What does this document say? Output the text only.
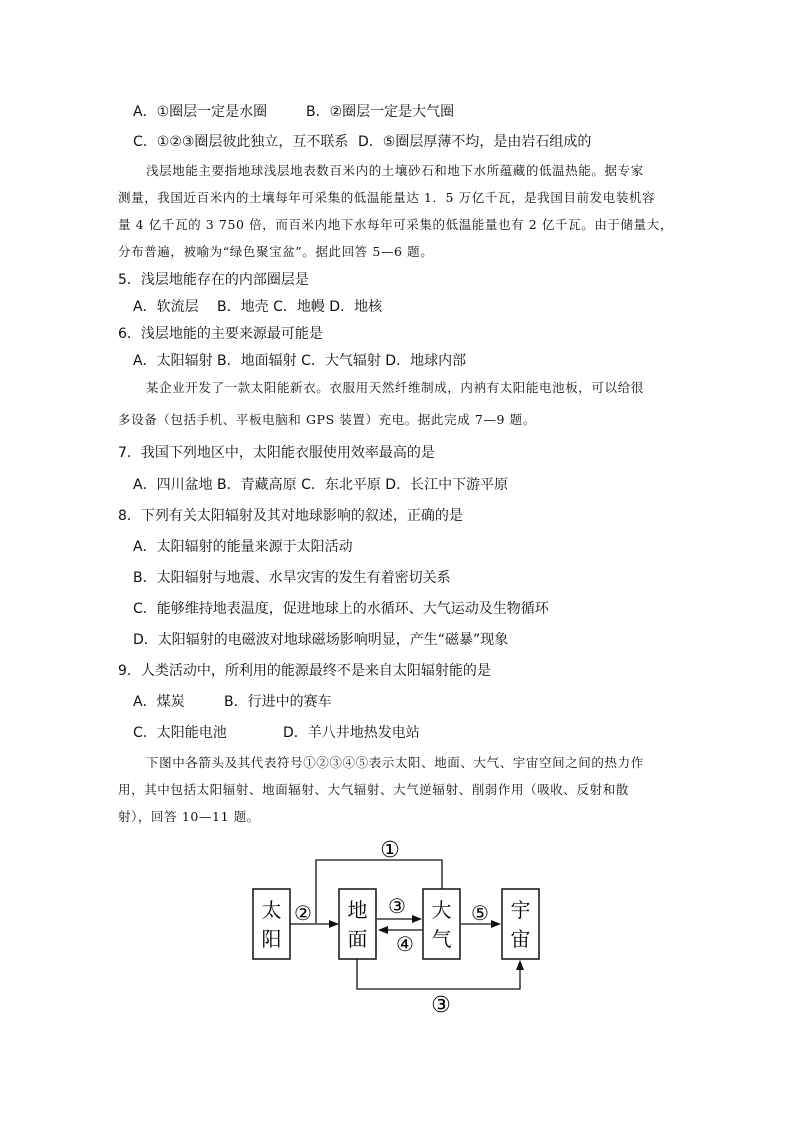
A．①圈层一定是水圈	B．②圈层一定是大气圈
C．①②③圈层彼此独立，互不联系 D．⑤圈层厚薄不均，是由岩石组成的
浅层地能主要指地球浅层地表数百米内的土壤砂石和地下水所蕴藏的低温热能。据专家
测量，我国近百米内的土壤每年可采集的低温能量达 1．5 万亿千瓦，是我国目前发电装机容
量 4 亿千瓦的 3 750 倍，而百米内地下水每年可采集的低温能量也有 2 亿千瓦。由于储量大，
分布普遍，被喻为“绿色聚宝盆”。据此回答 5—6 题。
5．浅层地能存在的内部圈层是
A．软流层　 B．地壳 C．地幔 D．地核
6．浅层地能的主要来源最可能是
A．太阳辐射 B．地面辐射 C．大气辐射 D．地球内部
某企业开发了一款太阳能新衣。衣服用天然纤维制成，内衲有太阳能电池板，可以给很
多设备（包括手机、平板电脑和 GPS 装置）充电。据此完成 7—9 题。
7．我国下列地区中，太阳能衣服使用效率最高的是
A．四川盆地 B．青藏高原 C．东北平原 D．长江中下游平原
8．下列有关太阳辐射及其对地球影响的叙述，正确的是
A．太阳辐射的能量来源于太阳活动
B．太阳辐射与地震、水旱灾害的发生有着密切关系
C．能够维持地表温度，促进地球上的水循环、大气运动及生物循环
D．太阳辐射的电磁波对地球磁场影响明显，产生“磁暴”现象
9．人类活动中，所利用的能源最终不是来自太阳辐射能的是
A．煤炭	B．行进中的赛车
C．太阳能电池	D．羊八井地热发电站
下图中各箭头及其代表符号①②③④⑤表示太阳、地面、大气、宇宙空间之间的热力作
用，其中包括太阳辐射、地面辐射、大气辐射、大气逆辐射、削弱作用（吸收、反射和散
射），回答 10—11 题。
太
阳
地
面
大
气
宇
宙
①
②	③
④
⑤
③
